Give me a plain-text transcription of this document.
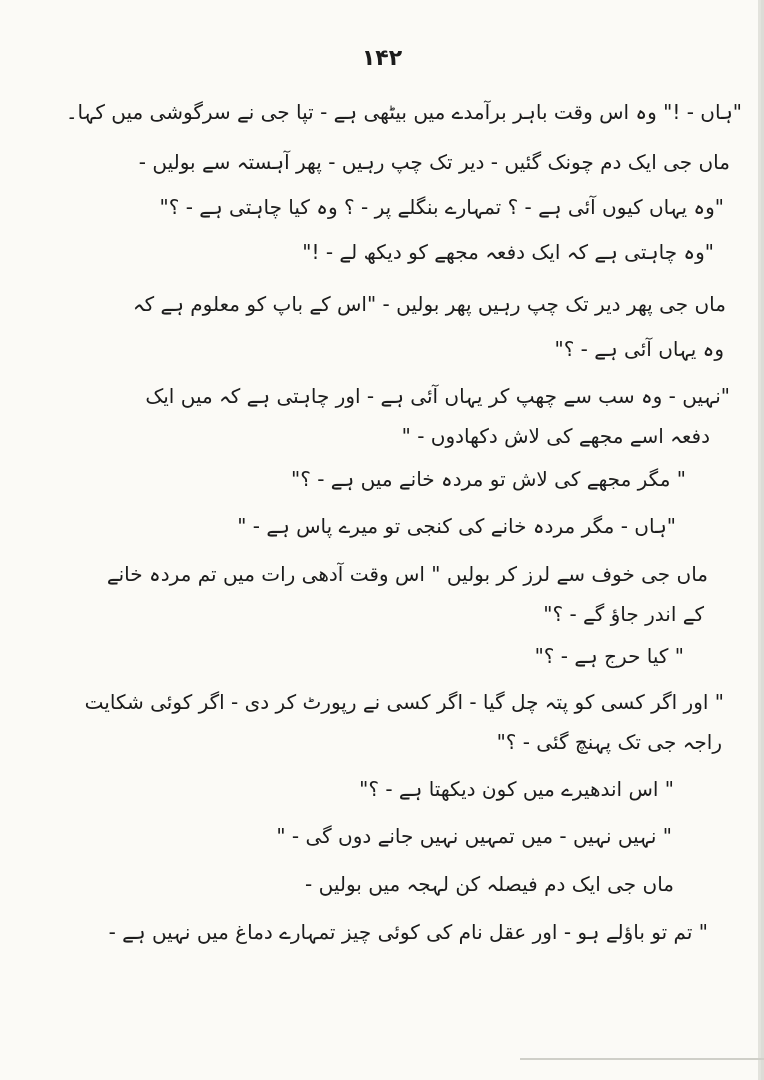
۱۴۲
"ہاں - !" وہ اس وقت باہر برآمدے میں بیٹھی ہے - تپا جی نے سرگوشی میں کہا۔
ماں جی ایک دم چونک گئیں - دیر تک چپ رہیں - پھر آہستہ سے بولیں -
"وہ یہاں کیوں آئی ہے - ؟ تمہارے بنگلے پر - ؟ وہ کیا چاہتی ہے - ؟"
"وہ چاہتی ہے کہ ایک دفعہ مجھے کو دیکھ لے - !"
ماں جی پھر دیر تک چپ رہیں پھر بولیں - "اس کے باپ کو معلوم ہے کہ
وہ یہاں آئی ہے - ؟"
"نہیں - وہ سب سے چھپ کر یہاں آئی ہے - اور چاہتی ہے کہ میں ایک
دفعہ اسے مجھے کی لاش دکھادوں - "
" مگر مجھے کی لاش تو مردہ خانے میں ہے - ؟"
"ہاں - مگر مردہ خانے کی کنجی تو میرے پاس ہے - "
ماں جی خوف سے لرز کر بولیں " اس وقت آدھی رات میں تم مردہ خانے
کے اندر جاؤ گے - ؟"
" کیا حرج ہے - ؟"
" اور اگر کسی کو پتہ چل گیا - اگر کسی نے رپورٹ کر دی - اگر کوئی شکایت
راجہ جی تک پہنچ گئی - ؟"
" اس اندھیرے میں کون دیکھتا ہے - ؟"
" نہیں نہیں - میں تمہیں نہیں جانے دوں گی - "
ماں جی ایک دم فیصلہ کن لہجہ میں بولیں -
" تم تو باؤلے ہو - اور عقل نام کی کوئی چیز تمہارے دماغ میں نہیں ہے -
